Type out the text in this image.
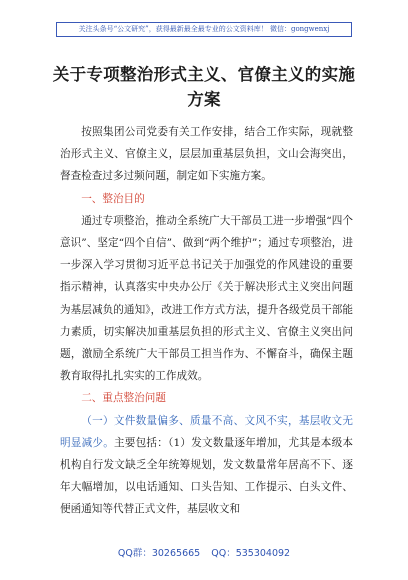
关注头条号“公文研究”，获得最新最全最专业的公文资料库！ 微信：gongwenxj
关于专项整治形式主义、官僚主义的实施
方案

按照集团公司党委有关工作安排，结合工作实际，现就整治形式主义、官僚主义，层层加重基层负担，文山会海突出，督查检查过多过频问题，制定如下实施方案。

一、整治目的

通过专项整治，推动全系统广大干部员工进一步增强“四个意识”、坚定“四个自信”、做到“两个维护”；通过专项整治，进一步深入学习贯彻习近平总书记关于加强党的作风建设的重要指示精神，认真落实中央办公厅《关于解决形式主义突出问题为基层减负的通知》，改进工作方式方法，提升各级党员干部能力素质，切实解决加重基层负担的形式主义、官僚主义突出问题，激励全系统广大干部员工担当作为、不懈奋斗，确保主题教育取得扎扎实实的工作成效。

二、重点整治问题

（一）文件数量偏多、质量不高、文风不实，基层收文无明显减少。主要包括：（1）发文数量逐年增加，尤其是本级本机构自行发文缺乏全年统筹规划，发文数量常年居高不下、逐年大幅增加，以电话通知、口头告知、工作提示、白头文件、便函通知等代替正式文件，基层收文和

QQ群：30265665 QQ：535304092
